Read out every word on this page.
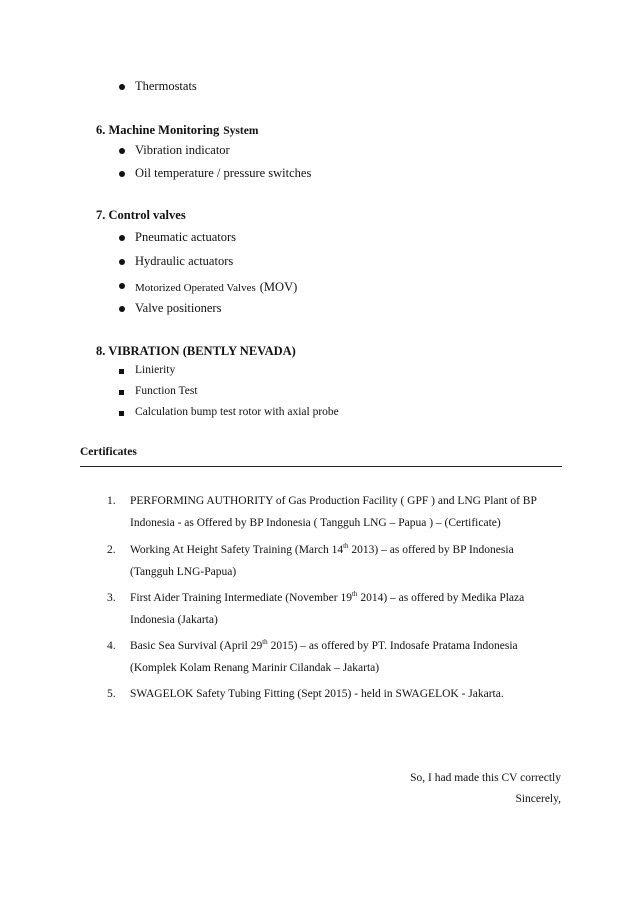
Thermostats
6. Machine Monitoring System
Vibration indicator
Oil temperature / pressure switches
7. Control valves
Pneumatic actuators
Hydraulic actuators
Motorized Operated Valves (MOV)
Valve positioners
8. VIBRATION (BENTLY NEVADA)
Linierity
Function Test
Calculation bump test rotor with axial probe
Certificates
1. PERFORMING AUTHORITY of Gas Production Facility ( GPF ) and LNG Plant of BP
Indonesia - as Offered by BP Indonesia ( Tangguh LNG – Papua ) – (Certificate)
2. Working At Height Safety Training (March 14th 2013) – as offered by BP Indonesia
(Tangguh LNG-Papua)
3. First Aider Training Intermediate (November 19th 2014) – as offered by Medika Plaza
Indonesia (Jakarta)
4. Basic Sea Survival (April 29th 2015) – as offered by PT. Indosafe Pratama Indonesia
(Komplek Kolam Renang Marinir Cilandak – Jakarta)
5. SWAGELOK Safety Tubing Fitting (Sept 2015) - held in SWAGELOK - Jakarta.
So, I had made this CV correctly
Sincerely,
